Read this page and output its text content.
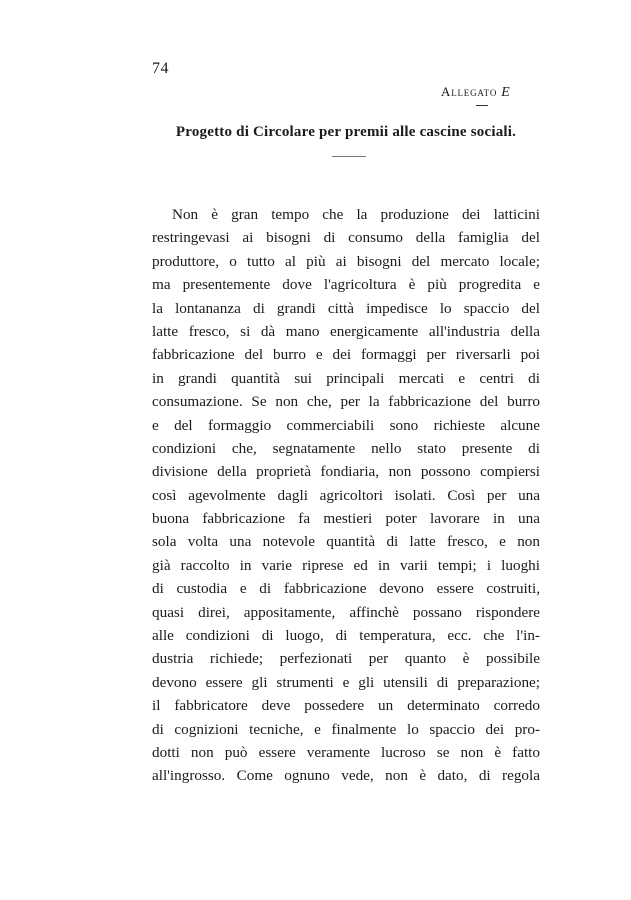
74
Allegato E
Progetto di Circolare per premii alle cascine sociali.
Non è gran tempo che la produzione dei latticini
restringevasi ai bisogni di consumo della famiglia del
produttore, o tutto al più ai bisogni del mercato locale;
ma presentemente dove l'agricoltura è più progredita e
la lontananza di grandi città impedisce lo spaccio del
latte fresco, si dà mano energicamente all'industria della
fabbricazione del burro e dei formaggi per riversarli poi
in grandi quantità sui principali mercati e centri di
consumazione. Se non che, per la fabbricazione del burro
e del formaggio commerciabili sono richieste alcune
condizioni che, segnatamente nello stato presente di
divisione della proprietà fondiaria, non possono compiersi
così agevolmente dagli agricoltori isolati. Così per una
buona fabbricazione fa mestieri poter lavorare in una
sola volta una notevole quantità di latte fresco, e non
già raccolto in varie riprese ed in varii tempi; i luoghi
di custodia e di fabbricazione devono essere costruiti,
quasi direi, appositamente, affinchè possano rispondere
alle condizioni di luogo, di temperatura, ecc. che l'in-
dustria richiede; perfezionati per quanto è possibile
devono essere gli strumenti e gli utensili di preparazione;
il fabbricatore deve possedere un determinato corredo
di cognizioni tecniche, e finalmente lo spaccio dei pro-
dotti non può essere veramente lucroso se non è fatto
all'ingrosso. Come ognuno vede, non è dato, di regola
